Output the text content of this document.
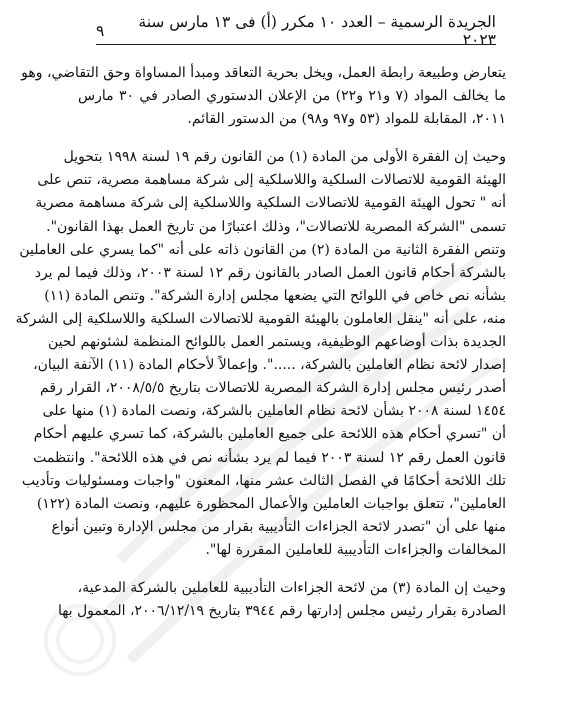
الجريدة الرسمية – العدد ١٠ مكرر (أ) فى ١٣ مارس سنة ٢٠٢٣
٩

يتعارض وطبيعة رابطة العمل، ويخل بحرية التعاقد ومبدأ المساواة وحق التقاضي، وهو
ما يخالف المواد (٧ و٢١ و٢٢) من الإعلان الدستوري الصادر في ٣٠ مارس
٢٠١١، المقابلة للمواد (٥٣ و٩٧ و٩٨) من الدستور القائم.

وحيث إن الفقرة الأولى من المادة (١) من القانون رقم ١٩ لسنة ١٩٩٨ بتحويل
الهيئة القومية للاتصالات السلكية واللاسلكية إلى شركة مساهمة مصرية، تنص على
أنه " تحول الهيئة القومية للاتصالات السلكية واللاسلكية إلى شركة مساهمة مصرية
تسمى "الشركة المصرية للاتصالات"، وذلك اعتبارًا من تاريخ العمل بهذا القانون".
وتنص الفقرة الثانية من المادة (٢) من القانون ذاته على أنه "كما يسري على العاملين
بالشركة أحكام قانون العمل الصادر بالقانون رقم ١٢ لسنة ٢٠٠٣، وذلك فيما لم يرد
بشأنه نص خاص في اللوائح التي يضعها مجلس إدارة الشركة". وتنص المادة (١١)
منه، على أنه "ينقل العاملون بالهيئة القومية للاتصالات السلكية واللاسلكية إلى الشركة
الجديدة بذات أوضاعهم الوظيفية، ويستمر العمل باللوائح المنظمة لشئونهم لحين
إصدار لائحة نظام العاملين بالشركة، .....". وإعمالاً لأحكام المادة (١١) الآنفة البيان،
أصدر رئيس مجلس إدارة الشركة المصرية للاتصالات بتاريخ ٢٠٠٨/٥/٥، القرار رقم
١٤٥٤ لسنة ٢٠٠٨ بشأن لائحة نظام العاملين بالشركة، ونصت المادة (١) منها على
أن "تسري أحكام هذه اللائحة على جميع العاملين بالشركة، كما تسري عليهم أحكام
قانون العمل رقم ١٢ لسنة ٢٠٠٣ فيما لم يرد بشأنه نص في هذه اللائحة". وانتظمت
تلك اللائحة أحكامًا في الفصل الثالث عشر منها، المعنون "واجبات ومسئوليات وتأديب
العاملين"، تتعلق بواجبات العاملين والأعمال المحظورة عليهم، ونصت المادة (١٢٢)
منها على أن "تصدر لائحة الجزاءات التأديبية بقرار من مجلس الإدارة وتبين أنواع
المخالفات والجزاءات التأديبية للعاملين المقررة لها".

وحيث إن المادة (٣) من لائحة الجزاءات التأديبية للعاملين بالشركة المدعية،
الصادرة بقرار رئيس مجلس إدارتها رقم ٣٩٤٤ بتاريخ ٢٠٠٦/١٢/١٩، المعمول بها
